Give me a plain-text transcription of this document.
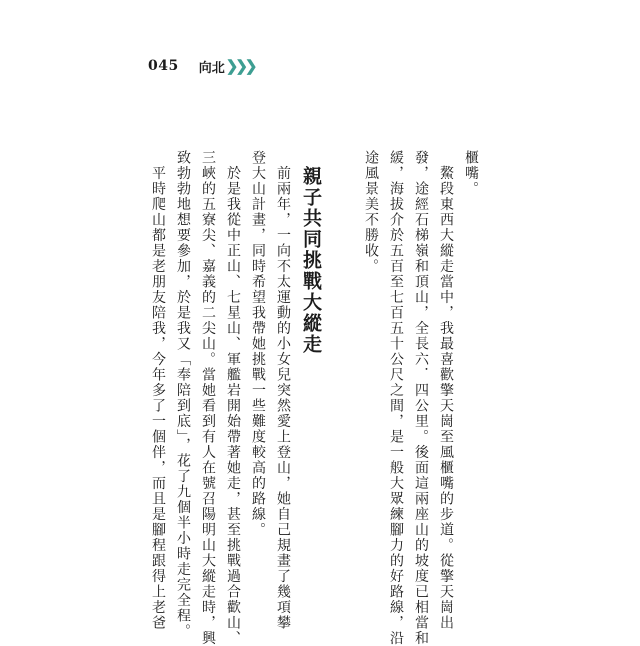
045 向北 ❯
❯
❯
櫃嘴。
　鰲段東西大縱走當中，我最喜歡擎天崗至風櫃嘴的步道。從擎天崗出
發，途經石梯嶺和頂山，全長六．四公里。後面這兩座山的坡度已相當和
緩，海拔介於五百至七百五十公尺之間，是一般大眾練腳力的好路線，沿
途風景美不勝收。
親子共同挑戰大縱走
　前兩年，一向不太運動的小女兒突然愛上登山，她自己規畫了幾項攀
登大山計畫，同時希望我帶她挑戰一些難度較高的路線。
　於是我從中正山、七星山、軍艦岩開始帶著她走，甚至挑戰過合歡山、
三峽的五寮尖、嘉義的二尖山。當她看到有人在號召陽明山大縱走時，興
致勃勃地想要參加，於是我又「奉陪到底」，花了九個半小時走完全程。
　平時爬山都是老朋友陪我，今年多了一個伴，而且是腳程跟得上老爸
